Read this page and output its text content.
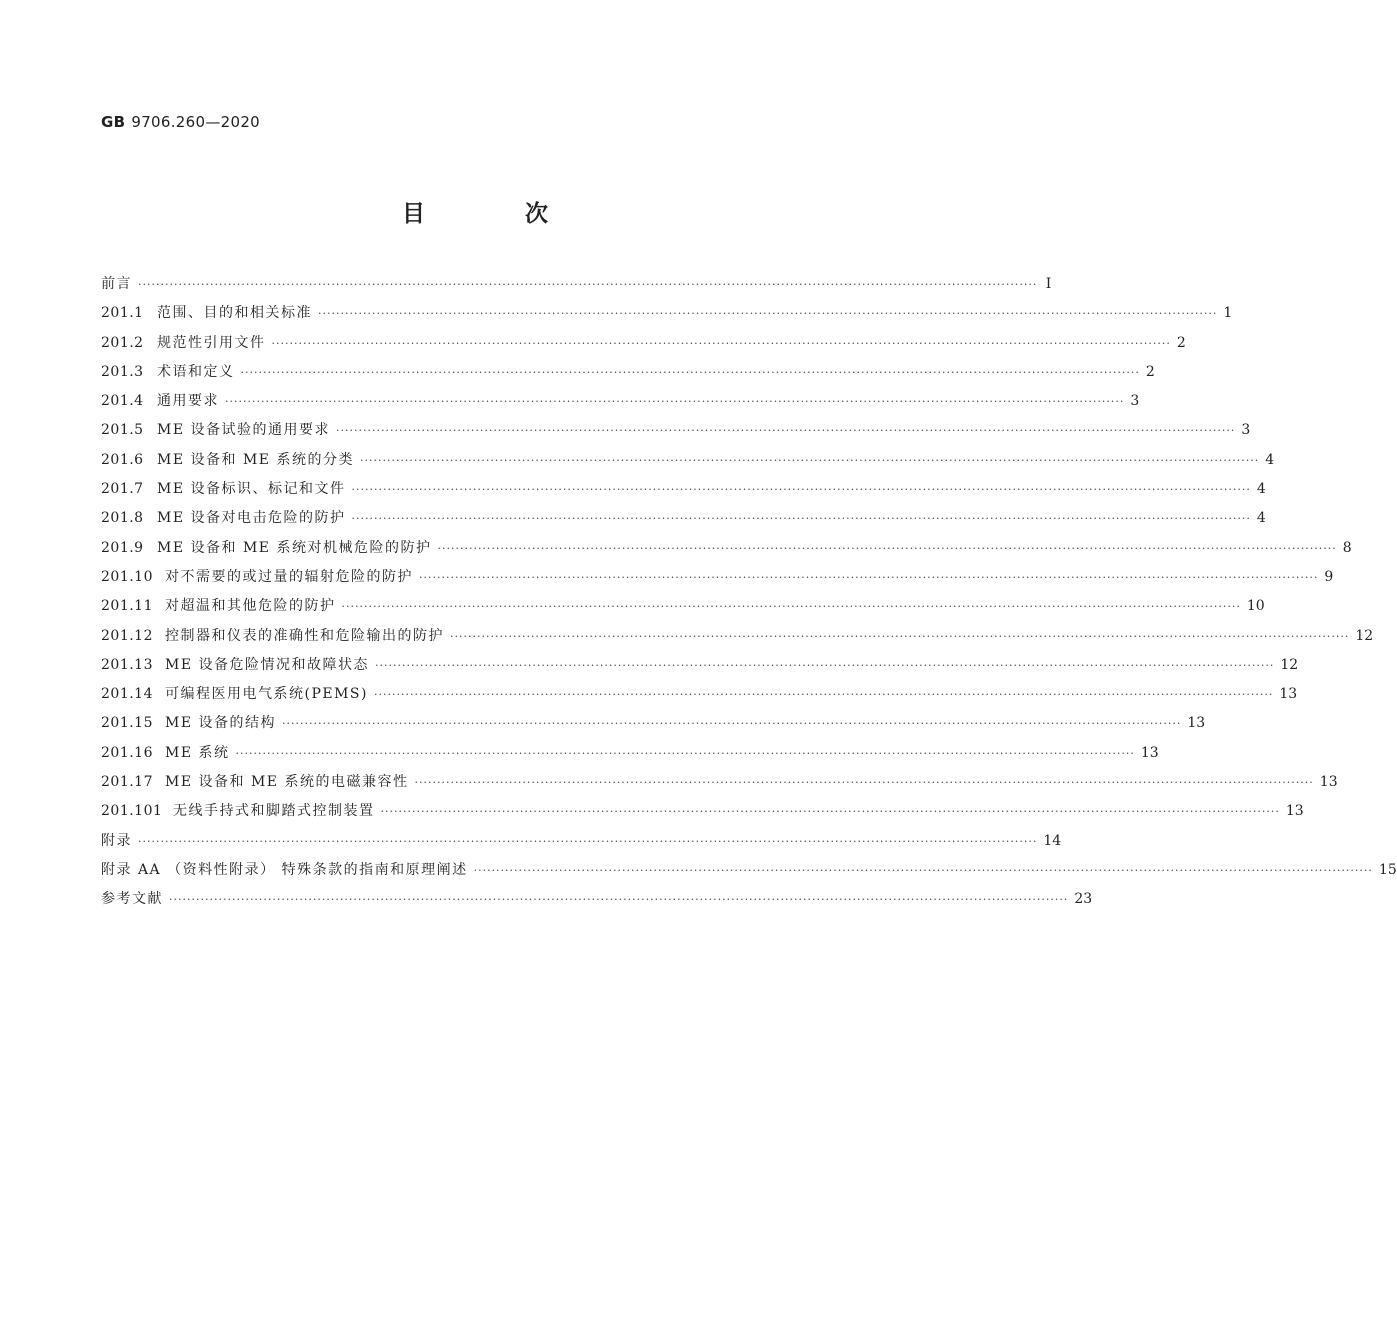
GB 9706.260—2020
目 次
前言 ········································································································································································································ Ⅰ
201.1 范围、目的和相关标准 ········································································································································································································ 1
201.2 规范性引用文件 ········································································································································································································ 2
201.3 术语和定义 ········································································································································································································ 2
201.4 通用要求 ········································································································································································································ 3
201.5 ME 设备试验的通用要求 ········································································································································································································ 3
201.6 ME 设备和 ME 系统的分类 ········································································································································································································ 4
201.7 ME 设备标识、标记和文件 ········································································································································································································ 4
201.8 ME 设备对电击危险的防护 ········································································································································································································ 4
201.9 ME 设备和 ME 系统对机械危险的防护 ········································································································································································································ 8
201.10 对不需要的或过量的辐射危险的防护 ········································································································································································································ 9
201.11 对超温和其他危险的防护 ········································································································································································································ 10
201.12 控制器和仪表的准确性和危险输出的防护 ········································································································································································································ 12
201.13 ME 设备危险情况和故障状态 ········································································································································································································ 12
201.14 可编程医用电气系统(PEMS) ········································································································································································································ 13
201.15 ME 设备的结构 ········································································································································································································ 13
201.16 ME 系统 ········································································································································································································ 13
201.17 ME 设备和 ME 系统的电磁兼容性 ········································································································································································································ 13
201.101 无线手持式和脚踏式控制装置 ········································································································································································································ 13
附录 ········································································································································································································ 14
附录 AA （资料性附录） 特殊条款的指南和原理阐述 ········································································································································································································ 15
参考文献 ········································································································································································································ 23
